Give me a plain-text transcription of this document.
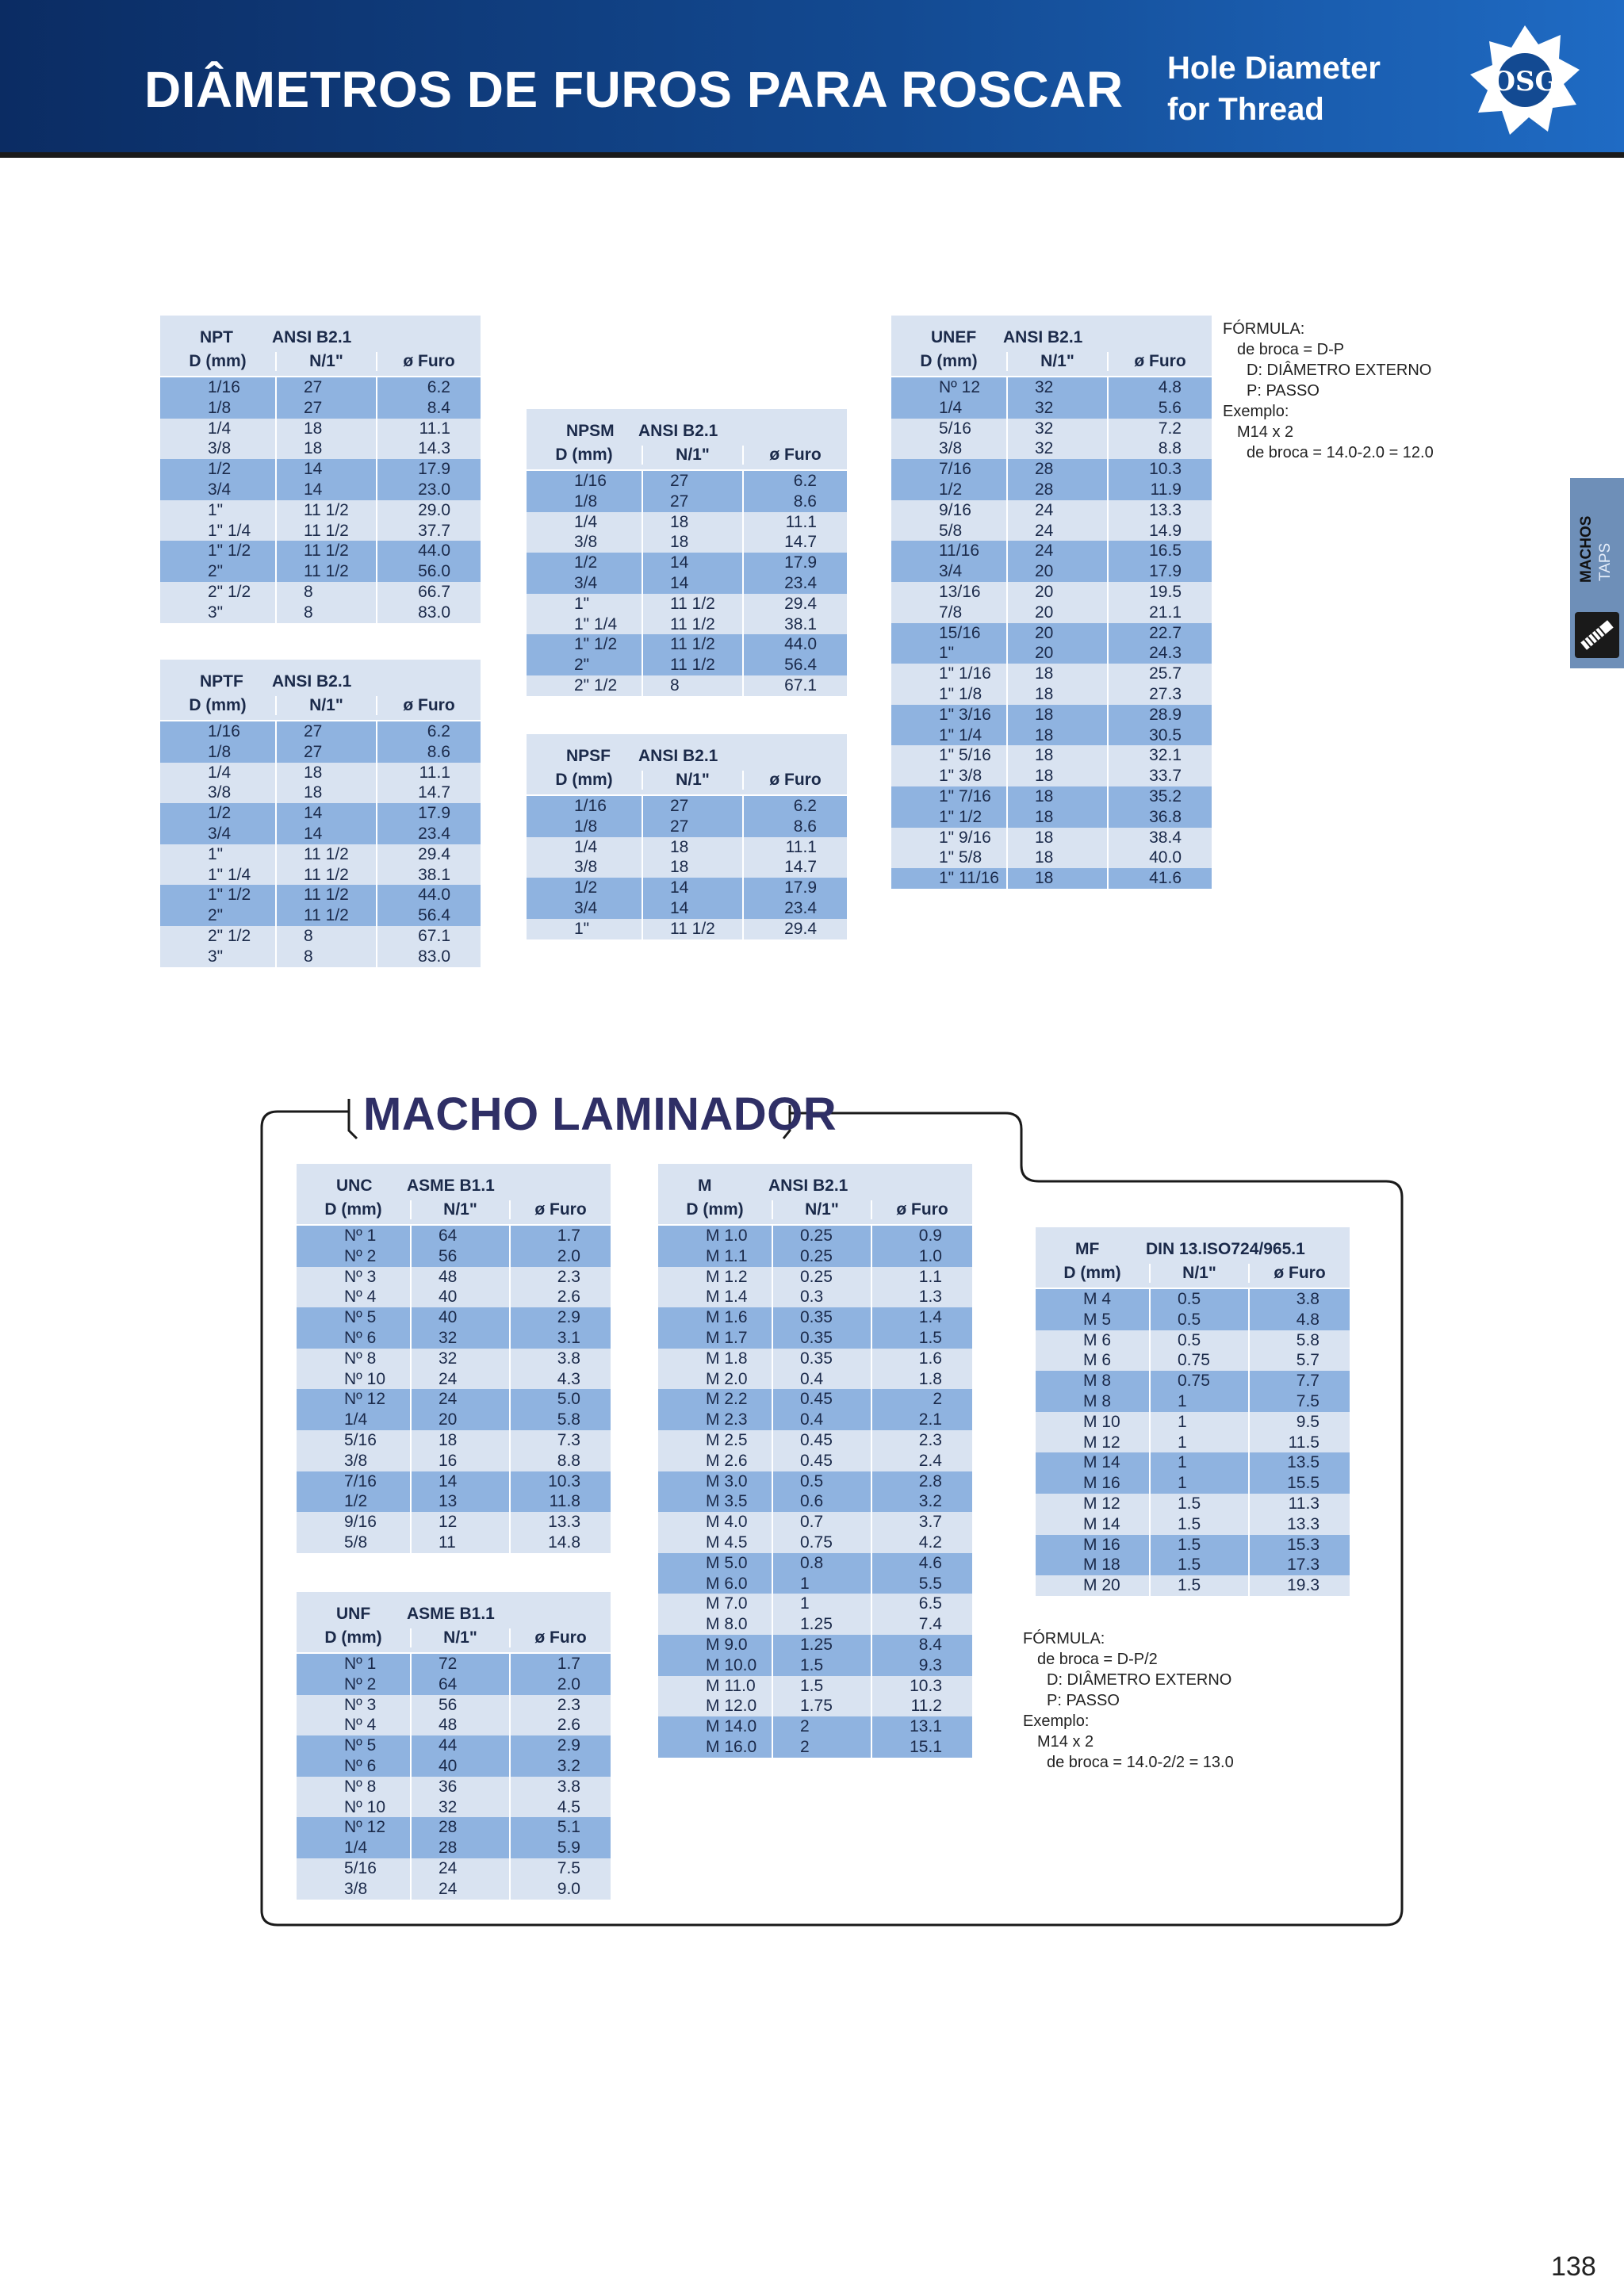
DIÂMETROS DE FUROS PARA ROSCAR Hole Diameter
for Thread
OSG
MACHOS TAPS
MACHO LAMINADOR
NPT	ANSI B2.1
D (mm)	N/1"	ø Furo
1/16	27	6.2
1/8	27	8.4
1/4	18	11.1
3/8	18	14.3
1/2	14	17.9
3/4	14	23.0
1"	11 1/2	29.0
1" 1/4	11 1/2	37.7
1" 1/2	11 1/2	44.0
2"	11 1/2	56.0
2" 1/2	8	66.7
3"	8	83.0
NPTF	ANSI B2.1
D (mm)	N/1"	ø Furo
1/16	27	6.2
1/8	27	8.6
1/4	18	11.1
3/8	18	14.7
1/2	14	17.9
3/4	14	23.4
1"	11 1/2	29.4
1" 1/4	11 1/2	38.1
1" 1/2	11 1/2	44.0
2"	11 1/2	56.4
2" 1/2	8	67.1
3"	8	83.0
NPSM	ANSI B2.1
D (mm)	N/1"	ø Furo
1/16	27	6.2
1/8	27	8.6
1/4	18	11.1
3/8	18	14.7
1/2	14	17.9
3/4	14	23.4
1"	11 1/2	29.4
1" 1/4	11 1/2	38.1
1" 1/2	11 1/2	44.0
2"	11 1/2	56.4
2" 1/2	8	67.1
NPSF	ANSI B2.1
D (mm)	N/1"	ø Furo
1/16	27	6.2
1/8	27	8.6
1/4	18	11.1
3/8	18	14.7
1/2	14	17.9
3/4	14	23.4
1"	11 1/2	29.4
UNEF	ANSI B2.1
D (mm)	N/1"	ø Furo
Nº 12	32	4.8
1/4	32	5.6
5/16	32	7.2
3/8	32	8.8
7/16	28	10.3
1/2	28	11.9
9/16	24	13.3
5/8	24	14.9
11/16	24	16.5
3/4	20	17.9
13/16	20	19.5
7/8	20	21.1
15/16	20	22.7
1"	20	24.3
1" 1/16	18	25.7
1" 1/8	18	27.3
1" 3/16	18	28.9
1" 1/4	18	30.5
1" 5/16	18	32.1
1" 3/8	18	33.7
1" 7/16	18	35.2
1" 1/2	18	36.8
1" 9/16	18	38.4
1" 5/8	18	40.0
1" 11/16	18	41.6
UNC	ASME B1.1
D (mm)	N/1"	ø Furo
Nº 1	64	1.7
Nº 2	56	2.0
Nº 3	48	2.3
Nº 4	40	2.6
Nº 5	40	2.9
Nº 6	32	3.1
Nº 8	32	3.8
Nº 10	24	4.3
Nº 12	24	5.0
1/4	20	5.8
5/16	18	7.3
3/8	16	8.8
7/16	14	10.3
1/2	13	11.8
9/16	12	13.3
5/8	11	14.8
UNF	ASME B1.1
D (mm)	N/1"	ø Furo
Nº 1	72	1.7
Nº 2	64	2.0
Nº 3	56	2.3
Nº 4	48	2.6
Nº 5	44	2.9
Nº 6	40	3.2
Nº 8	36	3.8
Nº 10	32	4.5
Nº 12	28	5.1
1/4	28	5.9
5/16	24	7.5
3/8	24	9.0
M	ANSI B2.1
D (mm)	N/1"	ø Furo
M 1.0	0.25	0.9
M 1.1	0.25	1.0
M 1.2	0.25	1.1
M 1.4	0.3	1.3
M 1.6	0.35	1.4
M 1.7	0.35	1.5
M 1.8	0.35	1.6
M 2.0	0.4	1.8
M 2.2	0.45	2
M 2.3	0.4	2.1
M 2.5	0.45	2.3
M 2.6	0.45	2.4
M 3.0	0.5	2.8
M 3.5	0.6	3.2
M 4.0	0.7	3.7
M 4.5	0.75	4.2
M 5.0	0.8	4.6
M 6.0	1	5.5
M 7.0	1	6.5
M 8.0	1.25	7.4
M 9.0	1.25	8.4
M 10.0	1.5	9.3
M 11.0	1.5	10.3
M 12.0	1.75	11.2
M 14.0	2	13.1
M 16.0	2	15.1
MF	DIN 13.ISO724/965.1
D (mm)	N/1"	ø Furo
M 4	0.5	3.8
M 5	0.5	4.8
M 6	0.5	5.8
M 6	0.75	5.7
M 8	0.75	7.7
M 8	1	7.5
M 10	1	9.5
M 12	1	11.5
M 14	1	13.5
M 16	1	15.5
M 12	1.5	11.3
M 14	1.5	13.3
M 16	1.5	15.3
M 18	1.5	17.3
M 20	1.5	19.3
FÓRMULA:
de broca = D-P
D: DIÂMETRO EXTERNO
P: PASSO
Exemplo:
M14 x 2
de broca = 14.0-2.0 = 12.0
FÓRMULA:
de broca = D-P/2
D: DIÂMETRO EXTERNO
P: PASSO
Exemplo:
M14 x 2
de broca = 14.0-2/2 = 13.0
138
